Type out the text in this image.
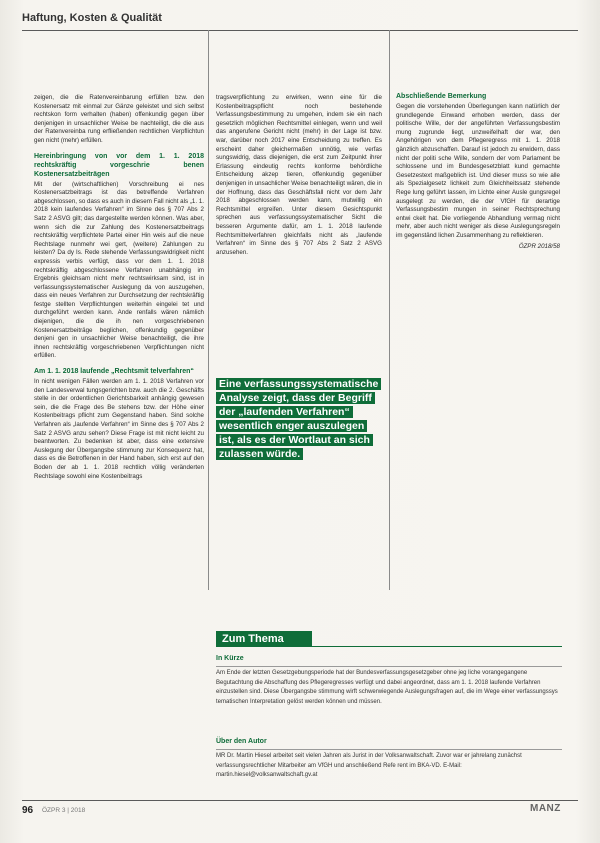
Haftung, Kosten & Qualität

zeigen, die die Ratenvereinbarung erfüllen bzw. den Kostenersatz mit einmal zur Gänze geleistet und sich selbst rechtskon form verhalten (haben) offenkundig gegen über denjenigen in unsachlicher Weise be nachteiligt, die die aus der Ratenvereinba rung erfließenden rechtlichen Verpflichtun gen nicht (mehr) erfüllen.

Hereinbringung von vor dem 1. 1. 2018 rechtskräftig vorgeschrie benen Kostenersatzbeiträgen

Mit der (wirtschaftlichen) Vorschreibung ei nes Kostenersatzbeitrags ist das betreffende Verfahren abgeschlossen, so dass es auch in diesem Fall nicht als „1. 1. 2018 kein laufendes Verfahren“ im Sinne des § 707 Abs 2 Satz 2 ASVG gilt; das dargestellte werden können. Was aber, wenn sich die zur Zahlung des Kostenersatzbeitrags rechtskräftig verpflichtete Partei einer Hin weis auf die neue Rechtslage nunmehr wei gert, (weitere) Zahlungen zu leisten? Da dy Is. Rede stehende Verfassungswidrigkeit nicht expressis verbis verfügt, dass vor dem 1. 1. 2018 rechtskräftig abgeschlossene Verfahren unabhängig im Ergebnis gleichsam nicht mehr rechtswirksam sind, ist in verfassungssystematischer Auslegung da von auszugehen, dass ein neues Verfahren zur Durchsetzung der rechtskräftig festge stellten Verpflichtungen weiterhin eingelei tet und durchgeführt werden kann. Ande renfalls wären nämlich diejenigen, die die ih nen vorgeschriebenen Kostenersatzbeiträge beglichen, offenkundig gegenüber denjeni gen in unsachlicher Weise benachteiligt, die ihre ihnen rechtskräftig vorgeschriebenen Verpflichtungen nicht erfüllen.

Am 1. 1. 2018 laufende „Rechtsmit telverfahren“

In nicht wenigen Fällen werden am 1. 1. 2018 Verfahren vor den Landesverwal tungsgerichten bzw. auch die 2. Geschäfts stelle in der ordentlichen Gerichtsbarkeit anhängig gewesen sein, die die Frage des Be stehens bzw. der Höhe einer Kostenbeitrags pflicht zum Gegenstand haben. Sind solche Verfahren als „laufende Verfahren“ im Sinne des § 707 Abs 2 Satz 2 ASVG anzu sehen? Diese Frage ist mit nicht leicht zu beantworten. Zu bedenken ist aber, dass eine extensive Auslegung der Übergangsbe stimmung zur Konsequenz hat, dass es die Betroffenen in der Hand haben, sich erst auf den Boden der ab 1. 1. 2018 rechtlich völlig veränderten Rechtslage sowohl eine Kostenbeitrags

tragsverpflichtung zu erwirken, wenn eine für die Kostenbeitragspflicht noch bestehende Verfassungsbestimmung zu umgehen, indem sie ein nach gesetzlich möglichen Rechtsmittel einlegen, wenn und weil das angerufene Gericht nicht (mehr) in der Lage ist bzw. war, darüber noch 2017 eine Entscheidung zu treffen. Es erscheint daher gleichermaßen unnötig, wie verfas sungswidrig, dass diejenigen, die erst zum Zeitpunkt ihrer Erlassung eindeutig rechts konforme behördliche Entscheidung akzep tieren, offenkundig gegenüber denjenigen in unsachlicher Weise benachteiligt wären, die in der Hoffnung, dass das Geschäftsfall nicht vor dem Jahr 2018 abgeschlossen werden kann, mutwillig ein Rechtsmittel ergreifen. Unter diesem Gesichtspunkt sprechen aus verfassungssystematischer Sicht die besseren Argumente dafür, am 1. 1. 2018 laufende Rechtsmittelverfahren gleichfalls nicht als „laufende Verfahren“ im Sinne des § 707 Abs 2 Satz 2 ASVG anzusehen.

Eine verfassungssystematische Analyse zeigt, dass der Begriff der „laufenden Verfahren“ wesentlich enger auszulegen ist, als es der Wortlaut an sich zulassen würde.
Abschließende Bemerkung

Gegen die vorstehenden Überlegungen kann natürlich der grundlegende Einwand erhoben werden, dass der politische Wille, der der angeführten Verfassungsbestim mung zugrunde liegt, unzweifelhaft der war, den Angehörigen von dem Pflegeregress mit 1. 1. 2018 gänzlich abzuschaffen. Darauf ist jedoch zu erwidern, dass nicht der politi sche Wille, sondern der vom Parlament be schlossene und im Bundesgesetzblatt kund gemachte Gesetzestext maßgeblich ist. Und dieser muss so wie alle als Spezialgesetz lichkeit zum Gleichheitssatz stehende Rege lung geführt lassen, im Lichte einer Ausle gungsregel ausgelegt zu werden, die der VfGH für derartige Verfassungsbestim mungen in seiner Rechtsprechung entwi ckelt hat. Die vorliegende Abhandlung vermag nicht mehr, aber auch nicht weniger als diese Auslegungsregeln im gegenständ lichen Zusammenhang zu reflektieren.

ÖZPR 2018/58
Zum Thema
In Kürze
Am Ende der letzten Gesetzgebungsperiode hat der Bundesverfassungsgesetzgeber ohne jeg liche vorangegangene Begutachtung die Abschaffung des Pflegeregresses verfügt und dabei angeordnet, dass am 1. 1. 2018 laufende Verfahren einzustellen sind. Diese Übergangsbe stimmung wirft schwerwiegende Auslegungsfragen auf, die im Wege einer verfassungssys tematischen Interpretation gelöst werden können und müssen.
Über den Autor
MR Dr. Martin Hiesel arbeitet seit vielen Jahren als Jurist in der Volksanwaltschaft. Zuvor war er jahrelang zunächst verfassungsrechtlicher Mitarbeiter am VfGH und anschließend Refe rent im BKA-VD. E-Mail: martin.hiesel@volksanwaltschaft.gv.at
96 ÖZPR 3 | 2018	MANZ
